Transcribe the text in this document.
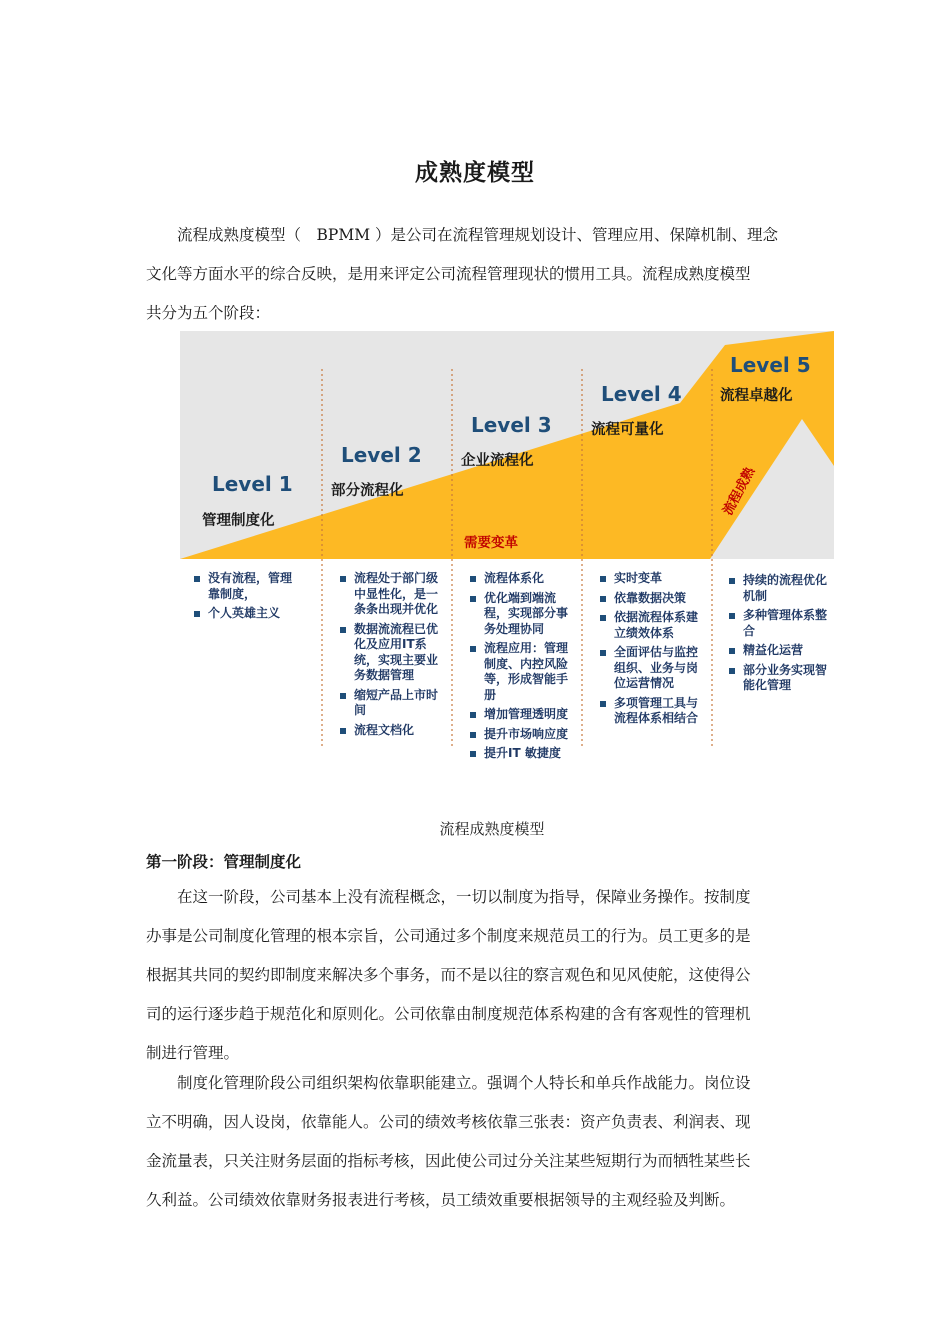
成熟度模型

流程成熟度模型（　BPMM ）是公司在流程管理规划设计、管理应用、保障机制、理念
文化等方面水平的综合反映，是用来评定公司流程管理现状的惯用工具。流程成熟度模型
共分为五个阶段：

Level 1
管理制度化
Level 2
部分流程化
Level 3
企业流程化
Level 4
流程可量化
Level 5
流程卓越化
需要变革
流程成熟
没有流程，管理靠制度，
个人英雄主义
流程处于部门级中显性化，是一条条出现并优化
数据流流程已优化及应用IT系统，实现主要业务数据管理
缩短产品上市时间
流程文档化
流程体系化
优化端到端流程，实现部分事务处理协同
流程应用：管理制度、内控风险等，形成智能手册
增加管理透明度
提升市场响应度
提升IT 敏捷度
实时变革
依靠数据决策
依据流程体系建立绩效体系
全面评估与监控组织、业务与岗位运营情况
多项管理工具与流程体系相结合
持续的流程优化机制
多种管理体系整合
精益化运营
部分业务实现智能化管理
流程成熟度模型
第一阶段：管理制度化

在这一阶段，公司基本上没有流程概念，一切以制度为指导，保障业务操作。按制度
办事是公司制度化管理的根本宗旨，公司通过多个制度来规范员工的行为。员工更多的是
根据其共同的契约即制度来解决多个事务，而不是以往的察言观色和见风使舵，这使得公
司的运行逐步趋于规范化和原则化。公司依靠由制度规范体系构建的含有客观性的管理机
制进行管理。

制度化管理阶段公司组织架构依靠职能建立。强调个人特长和单兵作战能力。岗位设
立不明确，因人设岗，依靠能人。公司的绩效考核依靠三张表：资产负责表、利润表、现
金流量表，只关注财务层面的指标考核，因此使公司过分关注某些短期行为而牺牲某些长
久利益。公司绩效依靠财务报表进行考核，员工绩效重要根据领导的主观经验及判断。
